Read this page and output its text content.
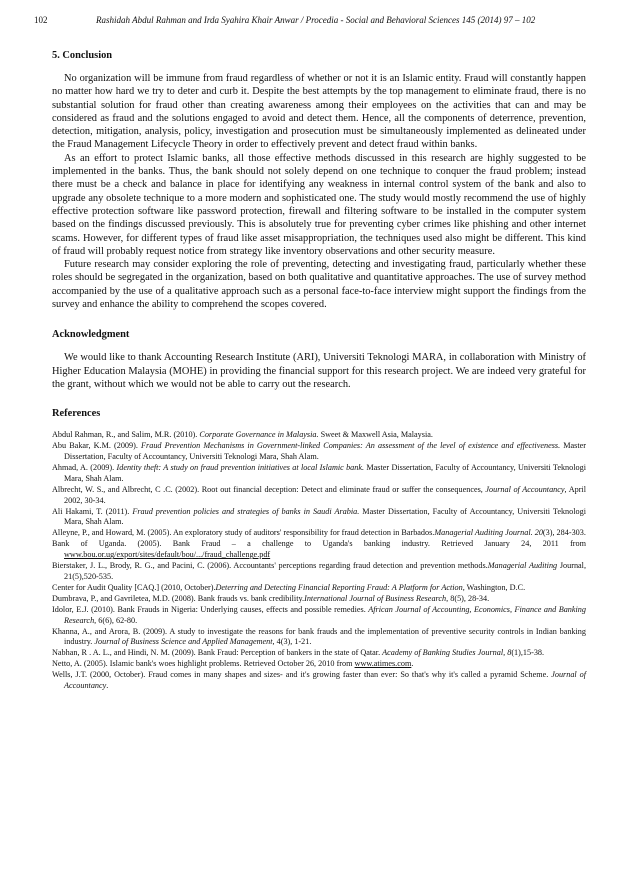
102	Rashidah Abdul Rahman and Irda Syahira Khair Anwar / Procedia - Social and Behavioral Sciences 145 (2014) 97 – 102
5. Conclusion

No organization will be immune from fraud regardless of whether or not it is an Islamic entity. Fraud will constantly happen no matter how hard we try to deter and curb it. Despite the best attempts by the top management to eliminate fraud, there is no substantial solution for fraud other than creating awareness among their employees on the activities that can and may be considered as fraud and the solutions engaged to avoid and detect them. Hence, all the components of deterrence, prevention, detection, mitigation, analysis, policy, investigation and prosecution must be simultaneously implemented as delineated under the Fraud Management Lifecycle Theory in order to effectively prevent and detect fraud within banks.

As an effort to protect Islamic banks, all those effective methods discussed in this research are highly suggested to be implemented in the banks. Thus, the bank should not solely depend on one technique to conquer the fraud problem; instead there must be a check and balance in place for identifying any weakness in internal control system of the bank and also to upgrade any obsolete technique to a more modern and sophisticated one. The study would mostly recommend the use of highly effective protection software like password protection, firewall and filtering software to be installed in the computer system based on the findings discussed previously. This is absolutely true for preventing cyber crimes like phishing and other internet scams. However, for different types of fraud like asset misappropriation, the techniques used also might be different. This kind of fraud will probably request notice from strategy like inventory observations and other security measure.

Future research may consider exploring the role of preventing, detecting and investigating fraud, particularly whether these roles should be segregated in the organization, based on both qualitative and quantitative approaches. The use of survey method accompanied by the use of a qualitative approach such as a personal face-to-face interview might support the findings from the survey and enhance the ability to comprehend the scopes covered.

Acknowledgment

We would like to thank Accounting Research Institute (ARI), Universiti Teknologi MARA, in collaboration with Ministry of Higher Education Malaysia (MOHE) in providing the financial support for this research project. We are indeed very grateful for the grant, without which we would not be able to carry out the research.

References

Abdul Rahman, R., and Salim, M.R. (2010). Corporate Governance in Malaysia. Sweet & Maxwell Asia, Malaysia.

Abu Bakar, K.M. (2009). Fraud Prevention Mechanisms in Government-linked Companies: An assessment of the level of existence and effectiveness. Master Dissertation, Faculty of Accountancy, Universiti Teknologi Mara, Shah Alam.

Ahmad, A. (2009). Identity theft: A study on fraud prevention initiatives at local Islamic bank. Master Dissertation, Faculty of Accountancy, Universiti Teknologi Mara, Shah Alam.

Albrecht, W. S., and Albrecht, C .C. (2002). Root out financial deception: Detect and eliminate fraud or suffer the consequences, Journal of Accountancy, April 2002, 30-34.

Ali Hakami, T. (2011). Fraud prevention policies and strategies of banks in Saudi Arabia. Master Dissertation, Faculty of Accountancy, Universiti Teknologi Mara, Shah Alam.

Alleyne, P., and Howard, M. (2005). An exploratory study of auditors' responsibility for fraud detection in Barbados.Managerial Auditing Journal. 20(3), 284-303.

Bank of Uganda. (2005). Bank Fraud – a challenge to Uganda's banking industry. Retrieved January 24, 2011 from www.bou.or.ug/export/sites/default/bou/.../fraud_challenge.pdf

Bierstaker, J. L., Brody, R. G., and Pacini, C. (2006). Accountants' perceptions regarding fraud detection and prevention methods.Managerial Auditing Journal, 21(5),520-535.

Center for Audit Quality [CAQ.] (2010, October).Deterring and Detecting Financial Reporting Fraud: A Platform for Action, Washington, D.C.

Dumbrava, P., and Gavriletea, M.D. (2008). Bank frauds vs. bank credibility.International Journal of Business Research, 8(5), 28-34.

Idolor, E.J. (2010). Bank Frauds in Nigeria: Underlying causes, effects and possible remedies. African Journal of Accounting, Economics, Finance and Banking Research, 6(6), 62-80.

Khanna, A., and Arora, B. (2009). A study to investigate the reasons for bank frauds and the implementation of preventive security controls in Indian banking industry. Journal of Business Science and Applied Management, 4(3), 1-21.

Nabhan, R . A. L., and Hindi, N. M. (2009). Bank Fraud: Perception of bankers in the state of Qatar. Academy of Banking Studies Journal, 8(1),15-38.

Netto, A. (2005). Islamic bank's woes highlight problems. Retrieved October 26, 2010 from www.atimes.com.

Wells, J.T. (2000, October). Fraud comes in many shapes and sizes- and it's growing faster than ever: So that's why it's called a pyramid Scheme. Journal of Accountancy.
